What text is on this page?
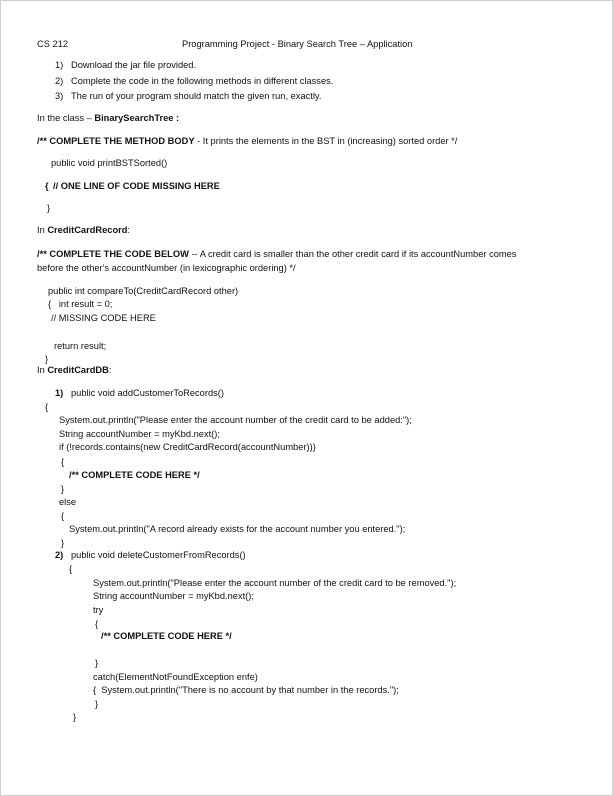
CS 212	Programming Project - Binary Search Tree – Application
1) Download the jar file provided.
2) Complete the code in the following methods in different classes.
3) The run of your program should match the given run, exactly.
In the class – BinarySearchTree :
/** COMPLETE THE METHOD BODY - It prints the elements in the BST in (increasing) sorted order */
public void printBSTSorted()
{ // ONE LINE OF CODE MISSING HERE
}
In CreditCardRecord:
/** COMPLETE THE CODE BELOW -- A credit card is smaller than the other credit card if its accountNumber comes
before the other's accountNumber (in lexicographic ordering) */
public int compareTo(CreditCardRecord other)
{   int result = 0;
// MISSING CODE HERE
return result;
}
In CreditCardDB:
1) public void addCustomerToRecords()
{
System.out.println("Please enter the account number of the credit card to be added:");
String accountNumber = myKbd.next();
if (!records.contains(new CreditCardRecord(accountNumber)))
{
/** COMPLETE CODE HERE */
}
else
{
System.out.println("A record already exists for the account number you entered.");
}
2) public void deleteCustomerFromRecords()
{
System.out.println("Please enter the account number of the credit card to be removed.");
String accountNumber = myKbd.next();
try
{
/** COMPLETE CODE HERE */
}
catch(ElementNotFoundException enfe)
{  System.out.println("There is no account by that number in the records.");
}
}
